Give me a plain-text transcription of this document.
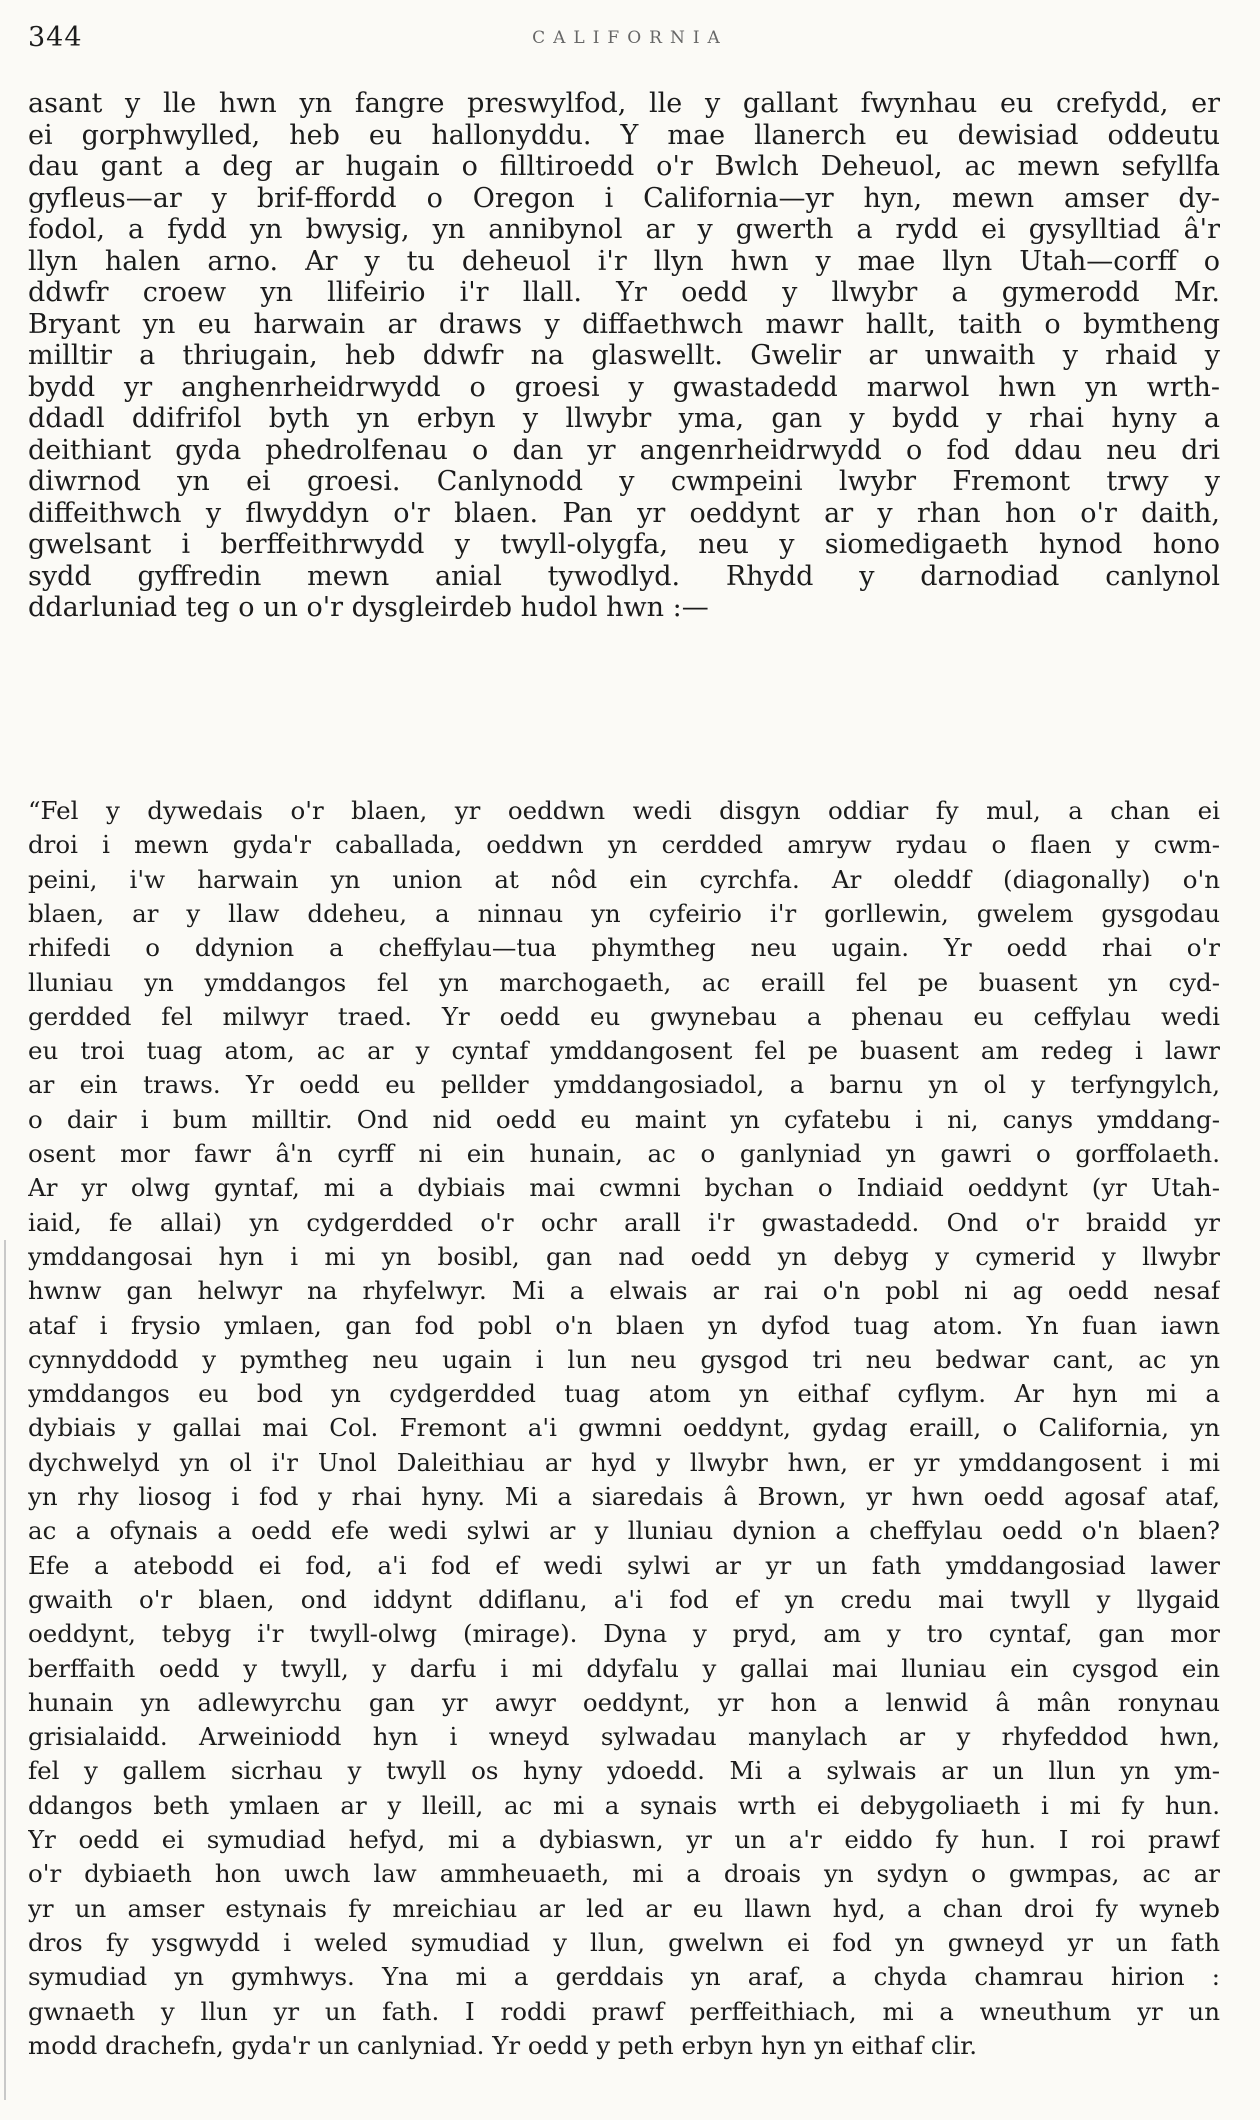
344	CALIFORNIA
asant y lle hwn yn fangre preswylfod, lle y gallant fwynhau eu crefydd, er
ei gorphwylled, heb eu hallonyddu. Y mae llanerch eu dewisiad oddeutu
dau gant a deg ar hugain o filltiroedd o'r Bwlch Deheuol, ac mewn sefyllfa
gyfleus—ar y brif-ffordd o Oregon i California—yr hyn, mewn amser dy-
fodol, a fydd yn bwysig, yn annibynol ar y gwerth a rydd ei gysylltiad â'r
llyn halen arno. Ar y tu deheuol i'r llyn hwn y mae llyn Utah—corff o
ddwfr croew yn llifeirio i'r llall. Yr oedd y llwybr a gymerodd Mr.
Bryant yn eu harwain ar draws y diffaethwch mawr hallt, taith o bymtheng
milltir a thriugain, heb ddwfr na glaswellt. Gwelir ar unwaith y rhaid y
bydd yr anghenrheidrwydd o groesi y gwastadedd marwol hwn yn wrth-
ddadl ddifrifol byth yn erbyn y llwybr yma, gan y bydd y rhai hyny a
deithiant gyda phedrolfenau o dan yr angenrheidrwydd o fod ddau neu dri
diwrnod yn ei groesi. Canlynodd y cwmpeini lwybr Fremont trwy y
diffeithwch y flwyddyn o'r blaen. Pan yr oeddynt ar y rhan hon o'r daith,
gwelsant i berffeithrwydd y twyll-olygfa, neu y siomedigaeth hynod hono
sydd gyffredin mewn anial tywodlyd. Rhydd y darnodiad canlynol
ddarluniad teg o un o'r dysgleirdeb hudol hwn :—
“Fel y dywedais o'r blaen, yr oeddwn wedi disgyn oddiar fy mul, a chan ei
droi i mewn gyda'r caballada, oeddwn yn cerdded amryw rydau o flaen y cwm-
peini, i'w harwain yn union at nôd ein cyrchfa. Ar oleddf (diagonally) o'n
blaen, ar y llaw ddeheu, a ninnau yn cyfeirio i'r gorllewin, gwelem gysgodau
rhifedi o ddynion a cheffylau—tua phymtheg neu ugain. Yr oedd rhai o'r
lluniau yn ymddangos fel yn marchogaeth, ac eraill fel pe buasent yn cyd-
gerdded fel milwyr traed. Yr oedd eu gwynebau a phenau eu ceffylau wedi
eu troi tuag atom, ac ar y cyntaf ymddangosent fel pe buasent am redeg i lawr
ar ein traws. Yr oedd eu pellder ymddangosiadol, a barnu yn ol y terfyngylch,
o dair i bum milltir. Ond nid oedd eu maint yn cyfatebu i ni, canys ymddang-
osent mor fawr â'n cyrff ni ein hunain, ac o ganlyniad yn gawri o gorffolaeth.
Ar yr olwg gyntaf, mi a dybiais mai cwmni bychan o Indiaid oeddynt (yr Utah-
iaid, fe allai) yn cydgerdded o'r ochr arall i'r gwastadedd. Ond o'r braidd yr
ymddangosai hyn i mi yn bosibl, gan nad oedd yn debyg y cymerid y llwybr
hwnw gan helwyr na rhyfelwyr. Mi a elwais ar rai o'n pobl ni ag oedd nesaf
ataf i frysio ymlaen, gan fod pobl o'n blaen yn dyfod tuag atom. Yn fuan iawn
cynnyddodd y pymtheg neu ugain i lun neu gysgod tri neu bedwar cant, ac yn
ymddangos eu bod yn cydgerdded tuag atom yn eithaf cyflym. Ar hyn mi a
dybiais y gallai mai Col. Fremont a'i gwmni oeddynt, gydag eraill, o California, yn
dychwelyd yn ol i'r Unol Daleithiau ar hyd y llwybr hwn, er yr ymddangosent i mi
yn rhy liosog i fod y rhai hyny. Mi a siaredais â Brown, yr hwn oedd agosaf ataf,
ac a ofynais a oedd efe wedi sylwi ar y lluniau dynion a cheffylau oedd o'n blaen?
Efe a atebodd ei fod, a'i fod ef wedi sylwi ar yr un fath ymddangosiad lawer
gwaith o'r blaen, ond iddynt ddiflanu, a'i fod ef yn credu mai twyll y llygaid
oeddynt, tebyg i'r twyll-olwg (mirage). Dyna y pryd, am y tro cyntaf, gan mor
berffaith oedd y twyll, y darfu i mi ddyfalu y gallai mai lluniau ein cysgod ein
hunain yn adlewyrchu gan yr awyr oeddynt, yr hon a lenwid â mân ronynau
grisialaidd. Arweiniodd hyn i wneyd sylwadau manylach ar y rhyfeddod hwn,
fel y gallem sicrhau y twyll os hyny ydoedd. Mi a sylwais ar un llun yn ym-
ddangos beth ymlaen ar y lleill, ac mi a synais wrth ei debygoliaeth i mi fy hun.
Yr oedd ei symudiad hefyd, mi a dybiaswn, yr un a'r eiddo fy hun. I roi prawf
o'r dybiaeth hon uwch law ammheuaeth, mi a droais yn sydyn o gwmpas, ac ar
yr un amser estynais fy mreichiau ar led ar eu llawn hyd, a chan droi fy wyneb
dros fy ysgwydd i weled symudiad y llun, gwelwn ei fod yn gwneyd yr un fath
symudiad yn gymhwys. Yna mi a gerddais yn araf, a chyda chamrau hirion :
gwnaeth y llun yr un fath. I roddi prawf perffeithiach, mi a wneuthum yr un
modd drachefn, gyda'r un canlyniad. Yr oedd y peth erbyn hyn yn eithaf clir.
